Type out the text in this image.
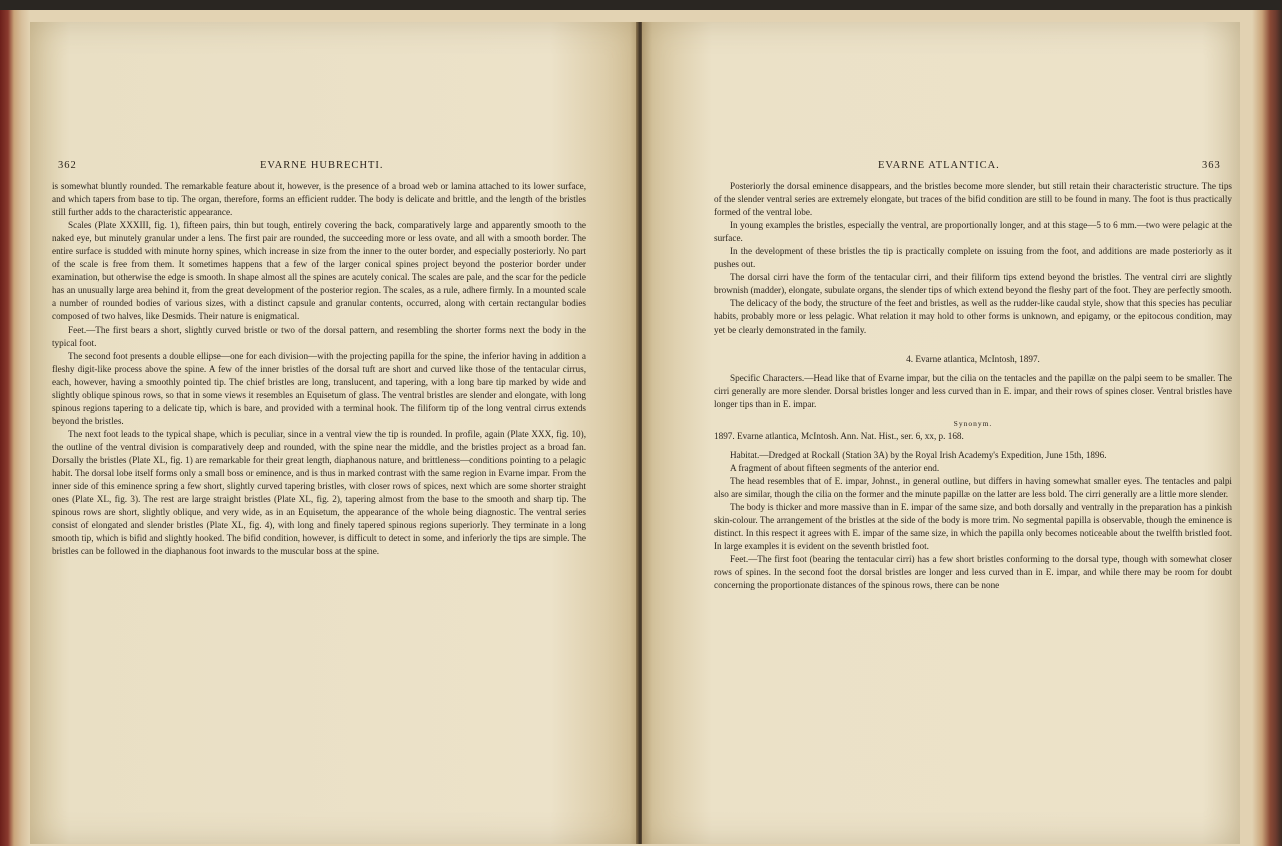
362	EVARNE HUBRECHTI.

is somewhat bluntly rounded. The remarkable feature about it, however, is the presence of a broad web or lamina attached to its lower surface, and which tapers from base to tip. The organ, therefore, forms an efficient rudder. The body is delicate and brittle, and the length of the bristles still further adds to the characteristic appearance.

Scales (Plate XXXIII, fig. 1), fifteen pairs, thin but tough, entirely covering the back, comparatively large and apparently smooth to the naked eye, but minutely granular under a lens. The first pair are rounded, the succeeding more or less ovate, and all with a smooth border. The entire surface is studded with minute horny spines, which increase in size from the inner to the outer border, and especially posteriorly. No part of the scale is free from them. It sometimes happens that a few of the larger conical spines project beyond the posterior border under examination, but otherwise the edge is smooth. In shape almost all the spines are acutely conical. The scales are pale, and the scar for the pedicle has an unusually large area behind it, from the great development of the posterior region. The scales, as a rule, adhere firmly. In a mounted scale a number of rounded bodies of various sizes, with a distinct capsule and granular contents, occurred, along with certain rectangular bodies composed of two halves, like Desmids. Their nature is enigmatical.

Feet.—The first bears a short, slightly curved bristle or two of the dorsal pattern, and resembling the shorter forms next the body in the typical foot.

The second foot presents a double ellipse—one for each division—with the projecting papilla for the spine, the inferior having in addition a fleshy digit-like process above the spine. A few of the inner bristles of the dorsal tuft are short and curved like those of the tentacular cirrus, each, however, having a smoothly pointed tip. The chief bristles are long, translucent, and tapering, with a long bare tip marked by wide and slightly oblique spinous rows, so that in some views it resembles an Equisetum of glass. The ventral bristles are slender and elongate, with long spinous regions tapering to a delicate tip, which is bare, and provided with a terminal hook. The filiform tip of the long ventral cirrus extends beyond the bristles.

The next foot leads to the typical shape, which is peculiar, since in a ventral view the tip is rounded. In profile, again (Plate XXX, fig. 10), the outline of the ventral division is comparatively deep and rounded, with the spine near the middle, and the bristles project as a broad fan. Dorsally the bristles (Plate XL, fig. 1) are remarkable for their great length, diaphanous nature, and brittleness—conditions pointing to a pelagic habit. The dorsal lobe itself forms only a small boss or eminence, and is thus in marked contrast with the same region in Evarne impar. From the inner side of this eminence spring a few short, slightly curved tapering bristles, with closer rows of spices, next which are some shorter straight ones (Plate XL, fig. 3). The rest are large straight bristles (Plate XL, fig. 2), tapering almost from the base to the smooth and sharp tip. The spinous rows are short, slightly oblique, and very wide, as in an Equisetum, the appearance of the whole being diagnostic. The ventral series consist of elongated and slender bristles (Plate XL, fig. 4), with long and finely tapered spinous regions superiorly. They terminate in a long smooth tip, which is bifid and slightly hooked. The bifid condition, however, is difficult to detect in some, and inferiorly the tips are simple. The bristles can be followed in the diaphanous foot inwards to the muscular boss at the spine.

EVARNE ATLANTICA.	363

Posteriorly the dorsal eminence disappears, and the bristles become more slender, but still retain their characteristic structure. The tips of the slender ventral series are extremely elongate, but traces of the bifid condition are still to be found in many. The foot is thus practically formed of the ventral lobe.

In young examples the bristles, especially the ventral, are proportionally longer, and at this stage—5 to 6 mm.—two were pelagic at the surface.

In the development of these bristles the tip is practically complete on issuing from the foot, and additions are made posteriorly as it pushes out.

The dorsal cirri have the form of the tentacular cirri, and their filiform tips extend beyond the bristles. The ventral cirri are slightly brownish (madder), elongate, subulate organs, the slender tips of which extend beyond the fleshy part of the foot. They are perfectly smooth.

The delicacy of the body, the structure of the feet and bristles, as well as the rudder-like caudal style, show that this species has peculiar habits, probably more or less pelagic. What relation it may hold to other forms is unknown, and epigamy, or the epitocous condition, may yet be clearly demonstrated in the family.

4. Evarne atlantica, McIntosh, 1897.

Specific Characters.—Head like that of Evarne impar, but the cilia on the tentacles and the papillæ on the palpi seem to be smaller. The cirri generally are more slender. Dorsal bristles longer and less curved than in E. impar, and their rows of spines closer. Ventral bristles have longer tips than in E. impar.

Synonym.

1897. Evarne atlantica, McIntosh. Ann. Nat. Hist., ser. 6, xx, p. 168.

Habitat.—Dredged at Rockall (Station 3A) by the Royal Irish Academy's Expedition, June 15th, 1896.

A fragment of about fifteen segments of the anterior end.

The head resembles that of E. impar, Johnst., in general outline, but differs in having somewhat smaller eyes. The tentacles and palpi also are similar, though the cilia on the former and the minute papillæ on the latter are less bold. The cirri generally are a little more slender.

The body is thicker and more massive than in E. impar of the same size, and both dorsally and ventrally in the preparation has a pinkish skin-colour. The arrangement of the bristles at the side of the body is more trim. No segmental papilla is observable, though the eminence is distinct. In this respect it agrees with E. impar of the same size, in which the papilla only becomes noticeable about the twelfth bristled foot. In large examples it is evident on the seventh bristled foot.

Feet.—The first foot (bearing the tentacular cirri) has a few short bristles conforming to the dorsal type, though with somewhat closer rows of spines. In the second foot the dorsal bristles are longer and less curved than in E. impar, and while there may be room for doubt concerning the proportionate distances of the spinous rows, there can be none
